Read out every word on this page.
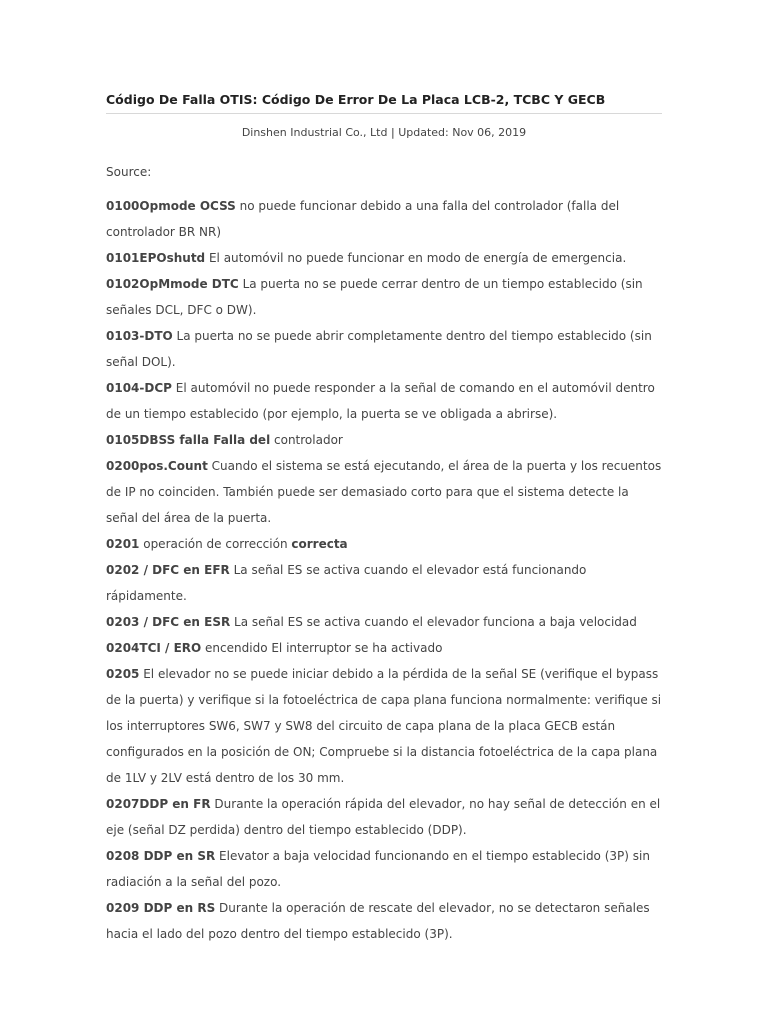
Código De Falla OTIS: Código De Error De La Placa LCB-2, TCBC Y GECB
Dinshen Industrial Co., Ltd | Updated: Nov 06, 2019
Source:

0100Opmode OCSS no puede funcionar debido a una falla del controlador (falla del controlador BR NR)

0101EPOshutd El automóvil no puede funcionar en modo de energía de emergencia.

0102OpMmode DTC La puerta no se puede cerrar dentro de un tiempo establecido (sin señales DCL, DFC o DW).

0103-DTO La puerta no se puede abrir completamente dentro del tiempo establecido (sin señal DOL).

0104-DCP El automóvil no puede responder a la señal de comando en el automóvil dentro de un tiempo establecido (por ejemplo, la puerta se ve obligada a abrirse).

0105DBSS falla Falla del controlador

0200pos.Count Cuando el sistema se está ejecutando, el área de la puerta y los recuentos de IP no coinciden. También puede ser demasiado corto para que el sistema detecte la señal del área de la puerta.

0201 operación de corrección correcta

0202 / DFC en EFR La señal ES se activa cuando el elevador está funcionando rápidamente.

0203 / DFC en ESR La señal ES se activa cuando el elevador funciona a baja velocidad

0204TCI / ERO encendido El interruptor se ha activado

0205 El elevador no se puede iniciar debido a la pérdida de la señal SE (verifique el bypass de la puerta) y verifique si la fotoeléctrica de capa plana funciona normalmente: verifique si los interruptores SW6, SW7 y SW8 del circuito de capa plana de la placa GECB están configurados en la posición de ON; Compruebe si la distancia fotoeléctrica de la capa plana de 1LV y 2LV está dentro de los 30 mm.

0207DDP en FR Durante la operación rápida del elevador, no hay señal de detección en el eje (señal DZ perdida) dentro del tiempo establecido (DDP).

0208 DDP en SR Elevator a baja velocidad funcionando en el tiempo establecido (3P) sin radiación a la señal del pozo.

0209 DDP en RS Durante la operación de rescate del elevador, no se detectaron señales hacia el lado del pozo dentro del tiempo establecido (3P).
